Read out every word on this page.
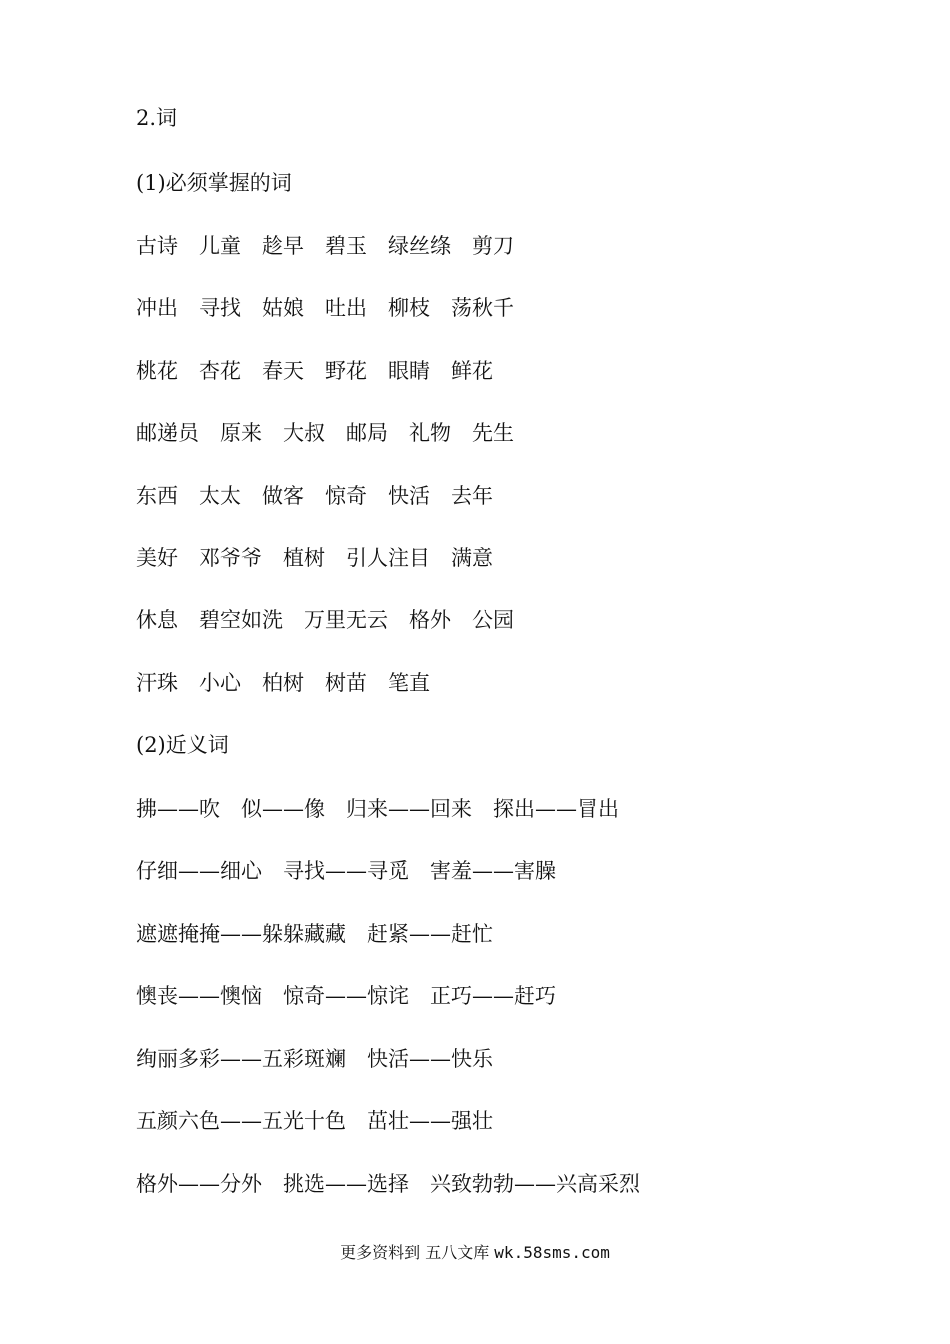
2.词

(1)必须掌握的词

古诗　儿童　趁早　碧玉　绿丝绦　剪刀

冲出　寻找　姑娘　吐出　柳枝　荡秋千

桃花　杏花　春天　野花　眼睛　鲜花

邮递员　原来　大叔　邮局　礼物　先生

东西　太太　做客　惊奇　快活　去年

美好　邓爷爷　植树　引人注目　满意

休息　碧空如洗　万里无云　格外　公园

汗珠　小心　柏树　树苗　笔直

(2)近义词

拂——吹　似——像　归来——回来　探出——冒出

仔细——细心　寻找——寻觅　害羞——害臊

遮遮掩掩——躲躲藏藏　赶紧——赶忙

懊丧——懊恼　惊奇——惊诧　正巧——赶巧

绚丽多彩——五彩斑斓　快活——快乐

五颜六色——五光十色　茁壮——强壮

格外——分外　挑选——选择　兴致勃勃——兴高采烈

更多资料到 五八文库 wk.58sms.com
